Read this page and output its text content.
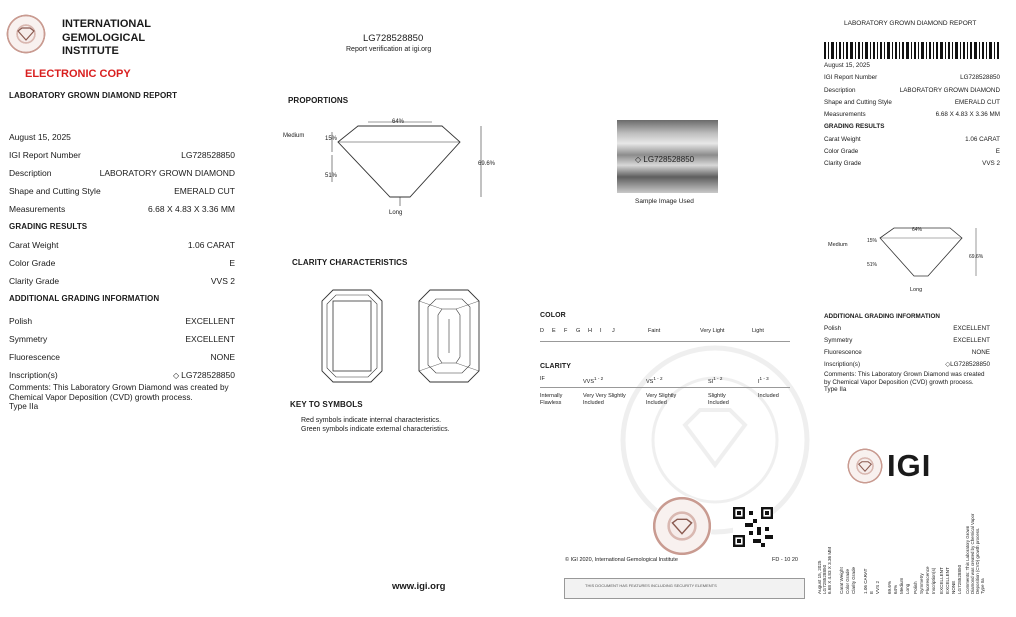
INTERNATIONAL
GEMOLOGICAL
INSTITUTE
ELECTRONIC COPY
LABORATORY GROWN DIAMOND REPORT
August 15, 2025
IGI Report Number	LG728528850
Description	LABORATORY GROWN DIAMOND
Shape and Cutting Style	EMERALD CUT
Measurements	6.68 X 4.83 X 3.36 MM
GRADING RESULTS
Carat Weight	1.06 CARAT
Color Grade	E
Clarity Grade	VVS 2
ADDITIONAL GRADING INFORMATION
Polish	EXCELLENT
Symmetry	EXCELLENT
Fluorescence	NONE
Inscription(s)	◇ LG728528850
Comments: This Laboratory Grown Diamond was created by Chemical Vapor Deposition (CVD) growth process.
Type IIa
LG728528850
Report verification at igi.org
PROPORTIONS
64%
Medium	15%
51%
69.6%
Long
CLARITY CHARACTERISTICS
KEY TO SYMBOLS
Red symbols indicate internal characteristics.
Green symbols indicate external characteristics.
www.igi.org
◇ LG728528850
Sample Image Used
COLOR
D E F G H I J	Faint	Very Light	Light
CLARITY
IF	VVS$^{1 - 2}$
VS$^{1 - 2}$
SI$^{1 - 2}$
$I^{1 - 3}$
Internally Flawless
Very Very Slightly Included
Very Slightly Included
Slightly Included
Included
© IGI 2020, International Gemological Institute	FD - 10 20
THIS DOCUMENT HAS FEATURES INCLUDING SECURITY ELEMENTS
LABORATORY GROWN DIAMOND REPORT
August 15, 2025
IGI Report Number	LG728528850
Description	LABORATORY GROWN DIAMOND
Shape and Cutting Style	EMERALD CUT
Measurements	6.68 X 4.83 X 3.36 MM
GRADING RESULTS
Carat Weight	1.06 CARAT
Color Grade	E
Clarity Grade	VVS 2
64%
Medium
15%
51%
69.6%
Long
ADDITIONAL GRADING INFORMATION
Polish	EXCELLENT
Symmetry	EXCELLENT
Fluorescence	NONE
Inscription(s)	◇LG728528850
Comments: This Laboratory Grown Diamond was created by Chemical Vapor Deposition (CVD) growth process.
Type IIa
IGI
August 15, 2025 LG728528850 6.68 X 4.83 X 3.36 MM Carat Weight Color Grade Clarity Grade 1.06 CARAT E VVS 2 69.6% 64% Medium Long Polish Symmetry Fluorescence Inscription(s) EXCELLENT EXCELLENT NONE LG728528850 Comments: This Laboratory Grown Diamond was created by Chemical Vapor Deposition (CVD) growth process. Type IIa
